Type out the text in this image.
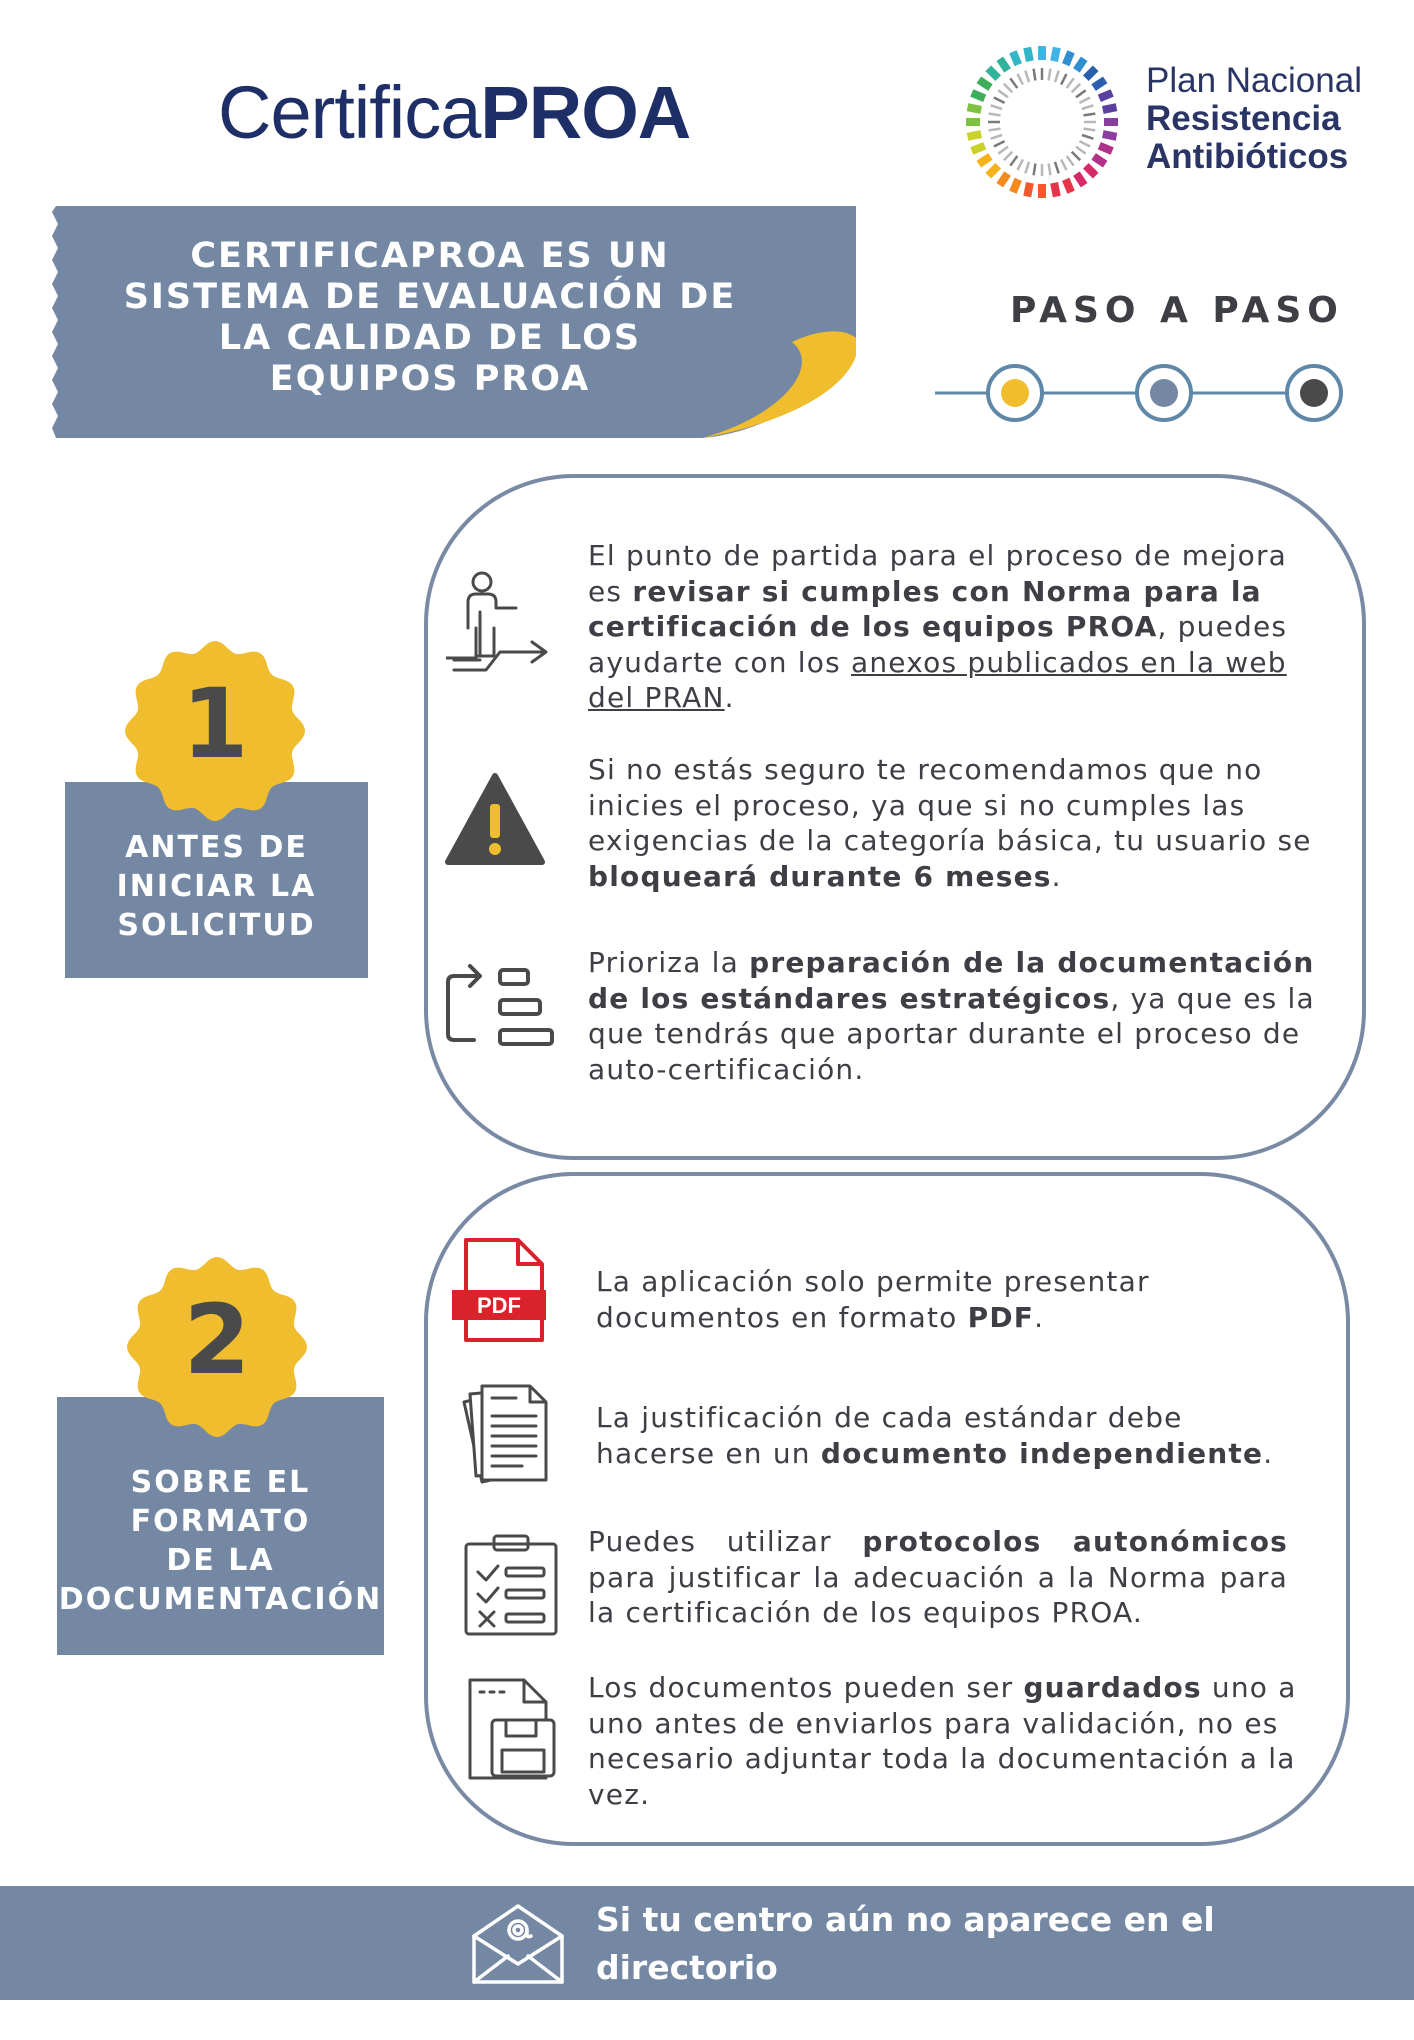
CertificaPROA	Plan Nacional
Resistencia
Antibióticos
CERTIFICAPROA ES UN
SISTEMA DE EVALUACIÓN DE
LA CALIDAD DE LOS
EQUIPOS PROA
PASO A PASO
ANTES DE
INICIAR LA
SOLICITUD
1
El punto de partida para el proceso de mejora es revisar si cumples con Norma para la certificación de los equipos PROA, puedes ayudarte con los anexos publicados en la web del PRAN.
Si no estás seguro te recomendamos que no inicies el proceso, ya que si no cumples las exigencias de la categoría básica, tu usuario se bloqueará durante 6 meses.
Prioriza la preparación de la documentación de los estándares estratégicos, ya que es la que tendrás que aportar durante el proceso de auto-certificación.
SOBRE EL
FORMATO
DE LA
DOCUMENTACIÓN
2	PDF
La aplicación solo permite presentar documentos en formato PDF.
La justificación de cada estándar debe hacerse en un documento independiente.
Puedes utilizar protocolos autonómicos para justificar la adecuación a la Norma para la certificación de los equipos PROA.
Los documentos pueden ser guardados uno a uno antes de enviarlos para validación, no es necesario adjuntar toda la documentación a la vez.
Si tu centro aún no aparece en el directorio
contacta aquí
